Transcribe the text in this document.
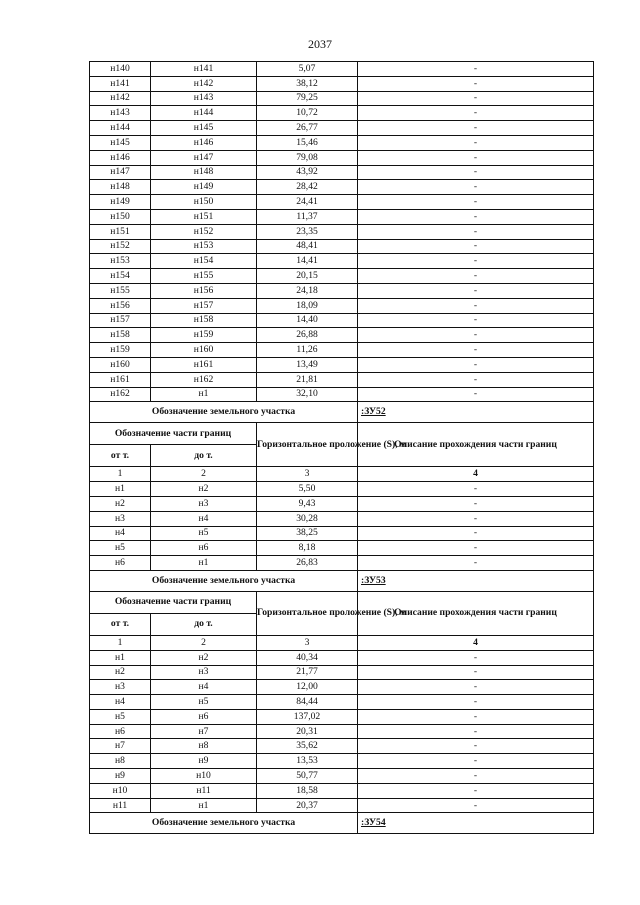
2037
н140	н141	5,07	-
н141	н142	38,12	-
н142	н143	79,25	-
н143	н144	10,72	-
н144	н145	26,77	-
н145	н146	15,46	-
н146	н147	79,08	-
н147	н148	43,92	-
н148	н149	28,42	-
н149	н150	24,41	-
н150	н151	11,37	-
н151	н152	23,35	-
н152	н153	48,41	-
н153	н154	14,41	-
н154	н155	20,15	-
н155	н156	24,18	-
н156	н157	18,09	-
н157	н158	14,40	-
н158	н159	26,88	-
н159	н160	11,26	-
н160	н161	13,49	-
н161	н162	21,81	-
н162	н1	32,10	-
Обозначение земельного участка			:ЗУ52
Обозначение части границ		Горизонтальное проложение (S), м	Описание прохождения части границ
от т.	до т.		
1	2	3	4
н1	н2	5,50	-
н2	н3	9,43	-
н3	н4	30,28	-
н4	н5	38,25	-
н5	н6	8,18	-
н6	н1	26,83	-
Обозначение земельного участка			:ЗУ53
Обозначение части границ		Горизонтальное проложение (S), м	Описание прохождения части границ
от т.	до т.		
1	2	3	4
н1	н2	40,34	-
н2	н3	21,77	-
н3	н4	12,00	-
н4	н5	84,44	-
н5	н6	137,02	-
н6	н7	20,31	-
н7	н8	35,62	-
н8	н9	13,53	-
н9	н10	50,77	-
н10	н11	18,58	-
н11	н1	20,37	-
Обозначение земельного участка			:ЗУ54
